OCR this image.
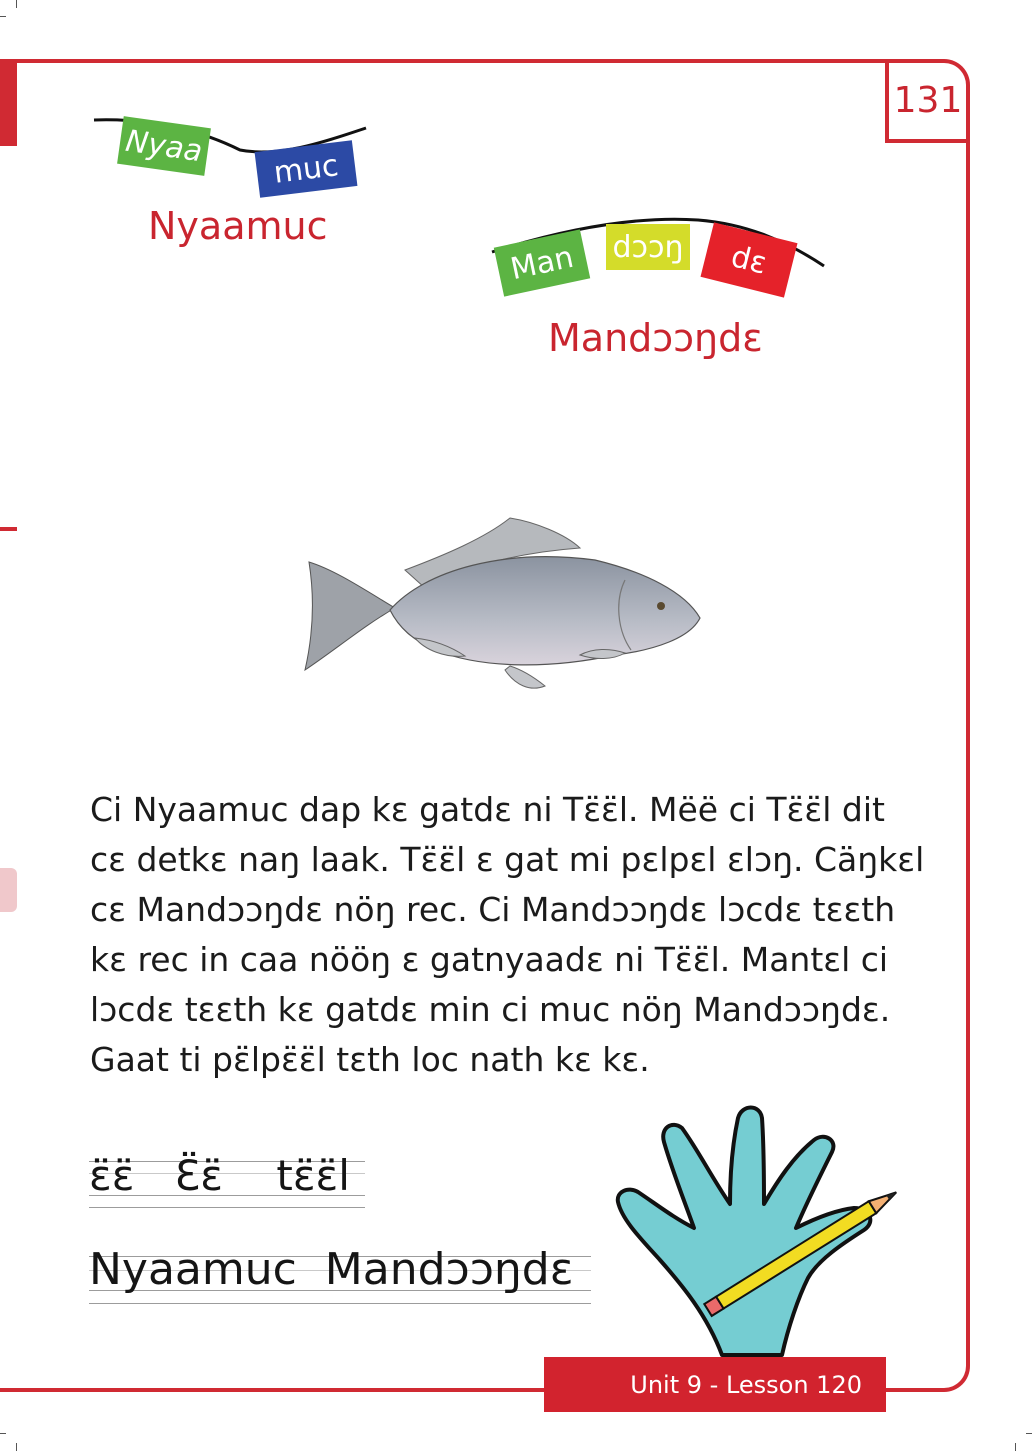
131
Nyaa
muc
Nyaamuc
Man dɔɔŋ dɛ
Mandɔɔŋdɛ
Ci Nyaamuc dap kɛ gatdɛ ni Tɛ̈ɛ̈l. Mëë ci Tɛ̈ɛ̈l dit
cɛ detkɛ naŋ laak. Tɛ̈ɛ̈l ɛ gat mi pɛlpɛl ɛlɔŋ. Cäŋkɛl
cɛ Mandɔɔŋdɛ nöŋ rec. Ci Mandɔɔŋdɛ lɔcdɛ tɛɛth
kɛ rec in caa nööŋ ɛ gatnyaadɛ ni Tɛ̈ɛ̈l. Mantɛl ci
lɔcdɛ tɛɛth kɛ gatdɛ min ci muc nöŋ Mandɔɔŋdɛ.
Gaat ti pɛ̈lpɛ̈ɛ̈l tɛth loc nath kɛ kɛ.
ɛ̈ɛ̈   Ɛ̈ɛ̈    tɛ̈ɛ̈l
Nyaamuc  Mandɔɔŋdɛ
Unit 9 - Lesson 120
